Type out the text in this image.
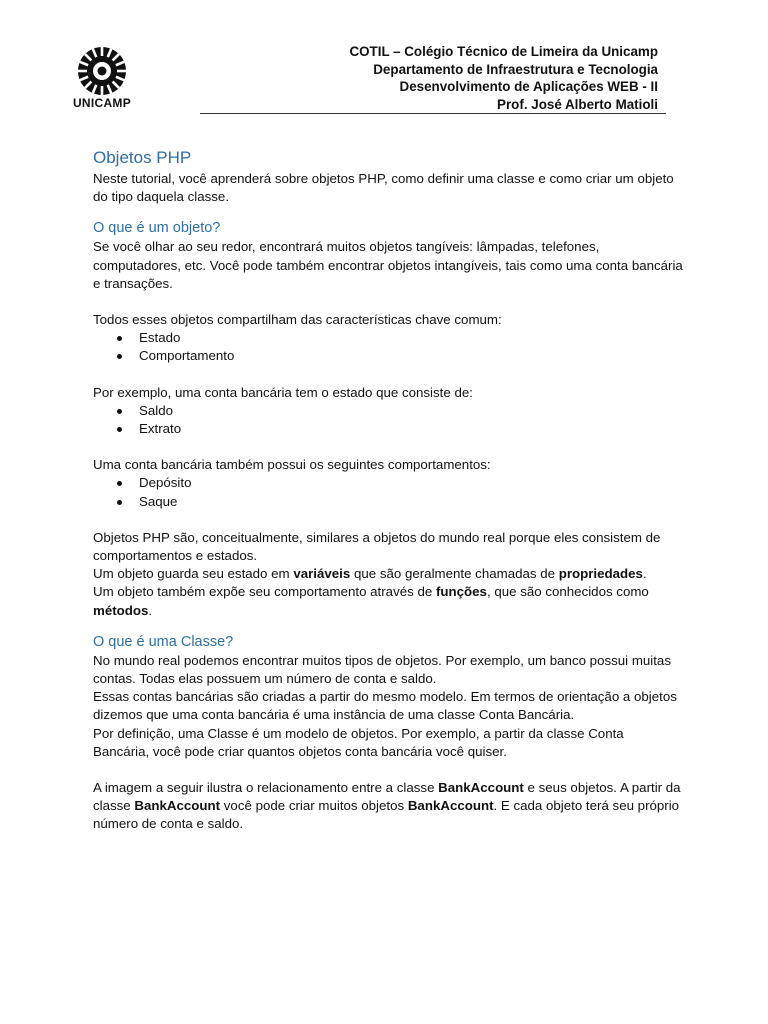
UNICAMP
COTIL – Colégio Técnico de Limeira da Unicamp
Departamento de Infraestrutura e Tecnologia
Desenvolvimento de Aplicações WEB - II
Prof. José Alberto Matioli
Objetos PHP

Neste tutorial, você aprenderá sobre objetos PHP, como definir uma classe e como criar um objeto do tipo daquela classe.

O que é um objeto?

Se você olhar ao seu redor, encontrará muitos objetos tangíveis: lâmpadas, telefones, computadores, etc. Você pode também encontrar objetos intangíveis, tais como uma conta bancária e transações.

Todos esses objetos compartilham das características chave comum:

Estado
Comportamento

Por exemplo, uma conta bancária tem o estado que consiste de:

Saldo
Extrato

Uma conta bancária também possui os seguintes comportamentos:

Depósito
Saque

Objetos PHP são, conceitualmente, similares a objetos do mundo real porque eles consistem de comportamentos e estados.

Um objeto guarda seu estado em variáveis que são geralmente chamadas de propriedades.

Um objeto também expõe seu comportamento através de funções, que são conhecidos como métodos.

O que é uma Classe?

No mundo real podemos encontrar muitos tipos de objetos. Por exemplo, um banco possui muitas contas. Todas elas possuem um número de conta e saldo.

Essas contas bancárias são criadas a partir do mesmo modelo. Em termos de orientação a objetos dizemos que uma conta bancária é uma instância de uma classe Conta Bancária.

Por definição, uma Classe é um modelo de objetos. Por exemplo, a partir da classe Conta Bancária, você pode criar quantos objetos conta bancária você quiser.

A imagem a seguir ilustra o relacionamento entre a classe BankAccount e seus objetos. A partir da classe BankAccount você pode criar muitos objetos BankAccount. E cada objeto terá seu próprio número de conta e saldo.
